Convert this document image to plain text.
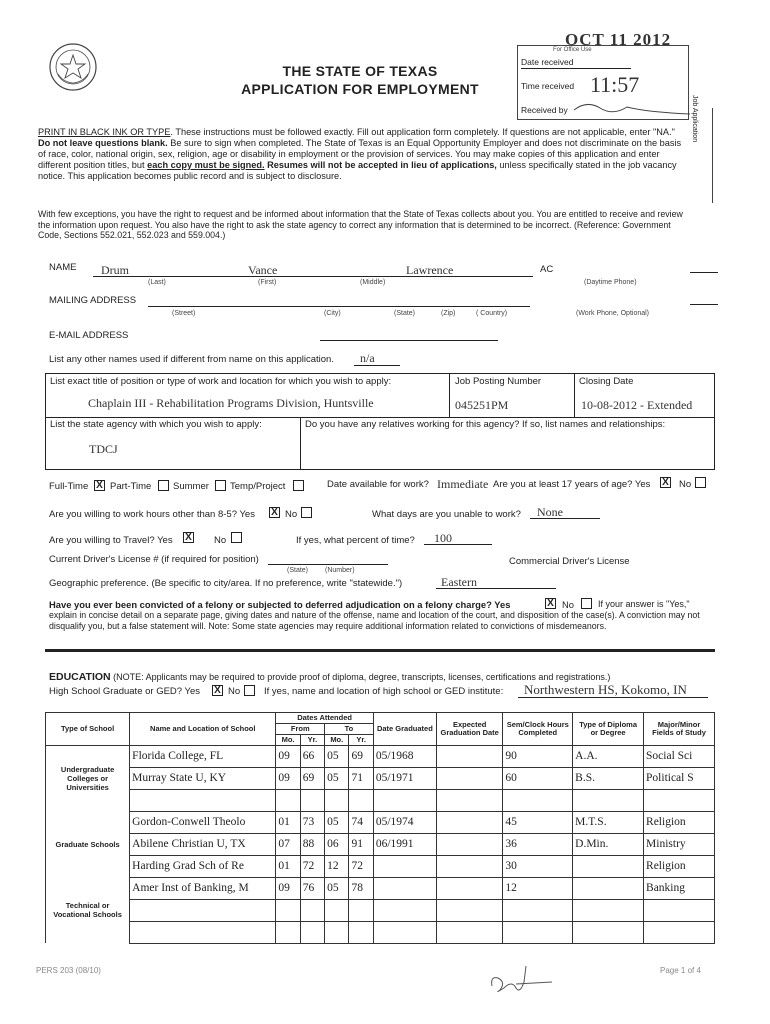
THE STATE OF TEXAS
APPLICATION FOR EMPLOYMENT
OCT 11 2012
For Office Use
Date received
Time received 11:57
Received by	Job Application
PRINT IN BLACK INK OR TYPE. These instructions must be followed exactly. Fill out application form completely. If questions are not applicable, enter "NA." Do not leave questions blank. Be sure to sign when completed. The State of Texas is an Equal Opportunity Employer and does not discriminate on the basis of race, color, national origin, sex, religion, age or disability in employment or the provision of services. You may make copies of this application and enter different position titles, but each copy must be signed. Resumes will not be accepted in lieu of applications, unless specifically stated in the job vacancy notice. This application becomes public record and is subject to disclosure.
With few exceptions, you have the right to request and be informed about information that the State of Texas collects about you. You are entitled to receive and review the information upon request. You also have the right to ask the state agency to correct any information that is determined to be incorrect. (Reference: Government Code, Sections 552.021, 552.023 and 559.004.)
NAME Drum	Vance	Lawrence	AC
(Last)	(First)	(Middle)	(Daytime Phone)
MAILING ADDRESS
(Street)	(City)	(State)	(Zip)	( Country)	(Work Phone, Optional)
E-MAIL ADDRESS
List any other names used if different from name on this application. n/a
List exact title of position or type of work and location for which you wish to apply:
Chaplain III - Rehabilitation Programs Division, Huntsville
Job Posting Number
045251PM
Closing Date
10-08-2012 - Extended
List the state agency with which you wish to apply:
TDCJ
Do you have any relatives working for this agency? If so, list names and relationships:
Full-Time X Part-Time Summer Temp/Project	Date available for work? Immediate Are you at least 17 years of age? Yes X No
Are you willing to work hours other than 8-5? Yes X No	What days are you unable to work? None
Are you willing to Travel? Yes X No	If yes, what percent of time? 100
Current Driver's License # (if required for position)
(State) (Number)
Commercial Driver's License
Geographic preference. (Be specific to city/area. If no preference, write "statewide.")	Eastern
Have you ever been convicted of a felony or subjected to deferred adjudication on a felony charge? Yes	X No	If your answer is "Yes,"
explain in concise detail on a separate page, giving dates and nature of the offense, name and location of the court, and disposition of the case(s). A conviction may not disqualify you, but a false statement will. Note: Some state agencies may require additional information related to convictions of misdemeanors.
EDUCATION (NOTE: Applicants may be required to provide proof of diploma, degree, transcripts, licenses, certifications and registrations.)
High School Graduate or GED? Yes X No	If yes, name and location of high school or GED institute: Northwestern HS, Kokomo, IN
Type of School	Name and Location of School	Dates Attended				Date Graduated	Expected Graduation Date	Sem/Clock Hours Completed	Type of Diploma or Degree	Major/Minor Fields of Study
		From		To						
		Mo.	Yr.	Mo.	Yr.					
Undergraduate Colleges or Universities	Florida College, FL	09	66	05	69	05/1968		90	A.A.	Social Sci
	Murray State U, KY	09	69	05	71	05/1971		60	B.S.	Political S

Graduate Schools	Gordon-Conwell Theolo	01	73	05	74	05/1974		45	M.T.S.	Religion
	Abilene Christian U, TX	07	88	06	91	06/1991		36	D.Min.	Ministry
	Harding Grad Sch of Re	01	72	12	72			30		Religion
Technical or Vocational Schools	Amer Inst of Banking, M	09	76	05	78			12		Banking

PERS 203 (08/10)	Page 1 of 4
